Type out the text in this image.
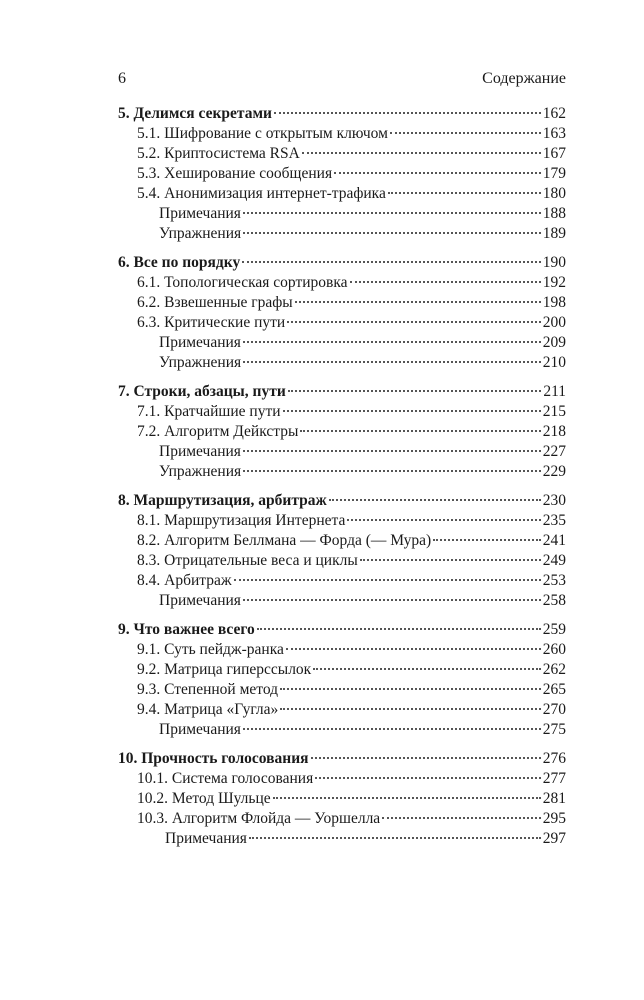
6	Содержание
5. Делимся секретами	162
5.1. Шифрование с открытым ключом	163
5.2. Криптосистема RSA	167
5.3. Хеширование сообщения	179
5.4. Анонимизация интернет-трафика	180
Примечания	188
Упражнения	189
6. Все по порядку	190
6.1. Топологическая сортировка	192
6.2. Взвешенные графы	198
6.3. Критические пути	200
Примечания	209
Упражнения	210
7. Строки, абзацы, пути	211
7.1. Кратчайшие пути	215
7.2. Алгоритм Дейкстры	218
Примечания	227
Упражнения	229
8. Маршрутизация, арбитраж	230
8.1. Маршрутизация Интернета	235
8.2. Алгоритм Беллмана — Форда (— Мура)	241
8.3. Отрицательные веса и циклы	249
8.4. Арбитраж	253
Примечания	258
9. Что важнее всего	259
9.1. Суть пейдж-ранка	260
9.2. Матрица гиперссылок	262
9.3. Степенной метод	265
9.4. Матрица «Гугла»	270
Примечания	275
10. Прочность голосования	276
10.1. Система голосования	277
10.2. Метод Шульце	281
10.3. Алгоритм Флойда — Уоршелла	295
Примечания	297
